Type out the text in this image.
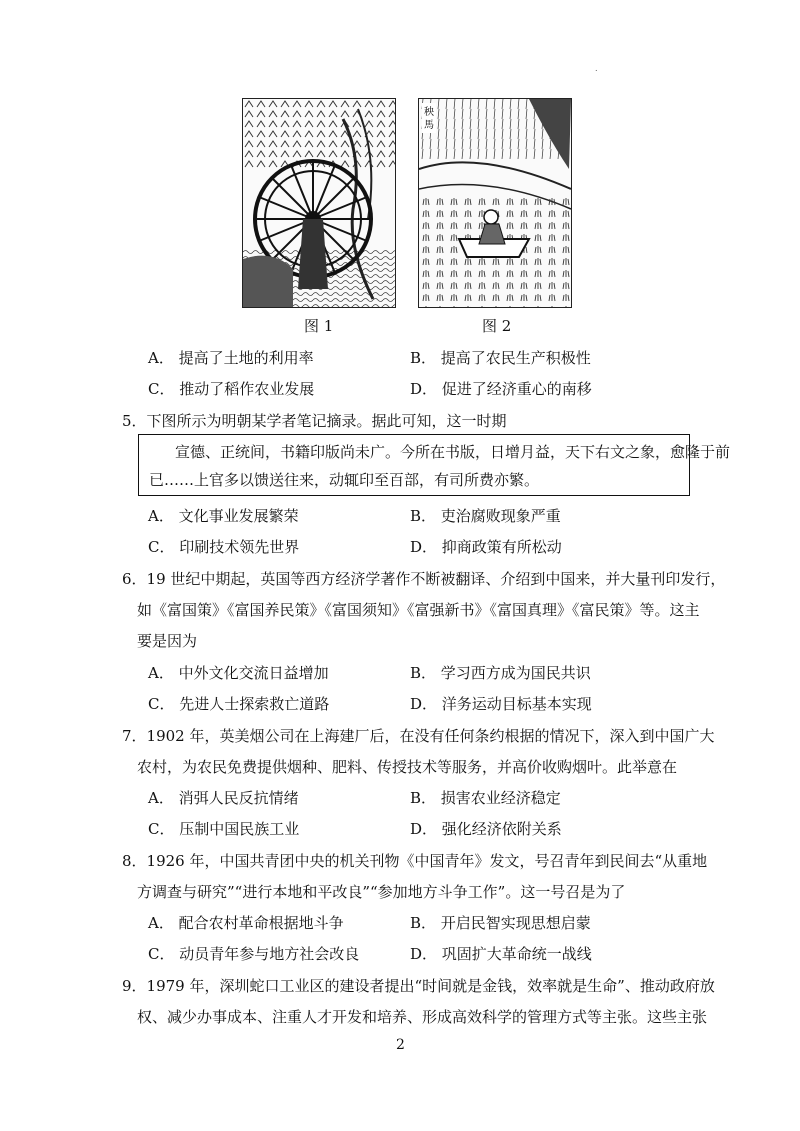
.
秧
馬
图 1	图 2
A． 提高了土地的利用率	B． 提高了农民生产积极性
C． 推动了稻作农业发展	D． 促进了经济重心的南移
5．下图所示为明朝某学者笔记摘录。据此可知，这一时期
宣德、正统间，书籍印版尚未广。今所在书版，日增月益，天下右文之象，愈隆于前
已……上官多以馈送往来，动辄印至百部，有司所费亦繁。
A． 文化事业发展繁荣	B． 吏治腐败现象严重
C． 印刷技术领先世界	D． 抑商政策有所松动
6．19 世纪中期起，英国等西方经济学著作不断被翻译、介绍到中国来，并大量刊印发行，
如《富国策》《富国养民策》《富国须知》《富强新书》《富国真理》《富民策》等。这主
要是因为
A． 中外文化交流日益增加	B． 学习西方成为国民共识
C． 先进人士探索救亡道路	D． 洋务运动目标基本实现
7．1902 年，英美烟公司在上海建厂后，在没有任何条约根据的情况下，深入到中国广大
农村，为农民免费提供烟种、肥料、传授技术等服务，并高价收购烟叶。此举意在
A． 消弭人民反抗情绪	B． 损害农业经济稳定
C． 压制中国民族工业	D． 强化经济依附关系
8．1926 年，中国共青团中央的机关刊物《中国青年》发文，号召青年到民间去“从重地
方调查与研究”“进行本地和平改良”“参加地方斗争工作”。这一号召是为了
A． 配合农村革命根据地斗争	B． 开启民智实现思想启蒙
C． 动员青年参与地方社会改良	D． 巩固扩大革命统一战线
9．1979 年，深圳蛇口工业区的建设者提出“时间就是金钱，效率就是生命”、推动政府放
权、减少办事成本、注重人才开发和培养、形成高效科学的管理方式等主张。这些主张
2
